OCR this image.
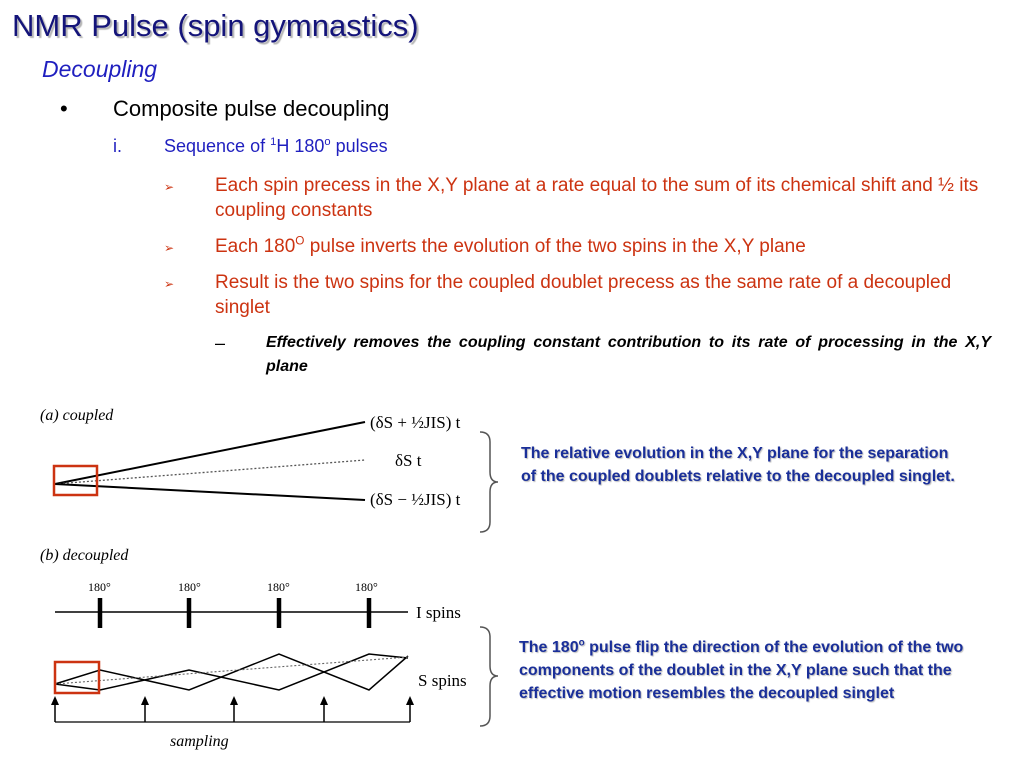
NMR Pulse (spin gymnastics)
Decoupling
• Composite pulse decoupling
i. Sequence of $^1$H 180$^o$ pulses
➢ Each spin precess in the X,Y plane at a rate equal to the sum of its chemical shift and ½ its coupling constants
➢ Each $180^O$ pulse inverts the evolution of the two spins in the X,Y plane
➢ Result is the two spins for the coupled doublet precess as the same rate of a decoupled singlet
–	Effectively removes the coupling constant contribution to its rate of processing in the X,Y plane
(a) coupled	(δS + ½JIS) t
δS t
(δS − ½JIS) t
(b) decoupled
180°	180°	180°	180°
I spins
S spins
sampling
The relative evolution in the X,Y plane for the separation of the coupled doublets relative to the decoupled singlet.
The 180$^o$ pulse flip the direction of the evolution of the two components of the doublet in the X,Y plane such that the effective motion resembles the decoupled singlet
